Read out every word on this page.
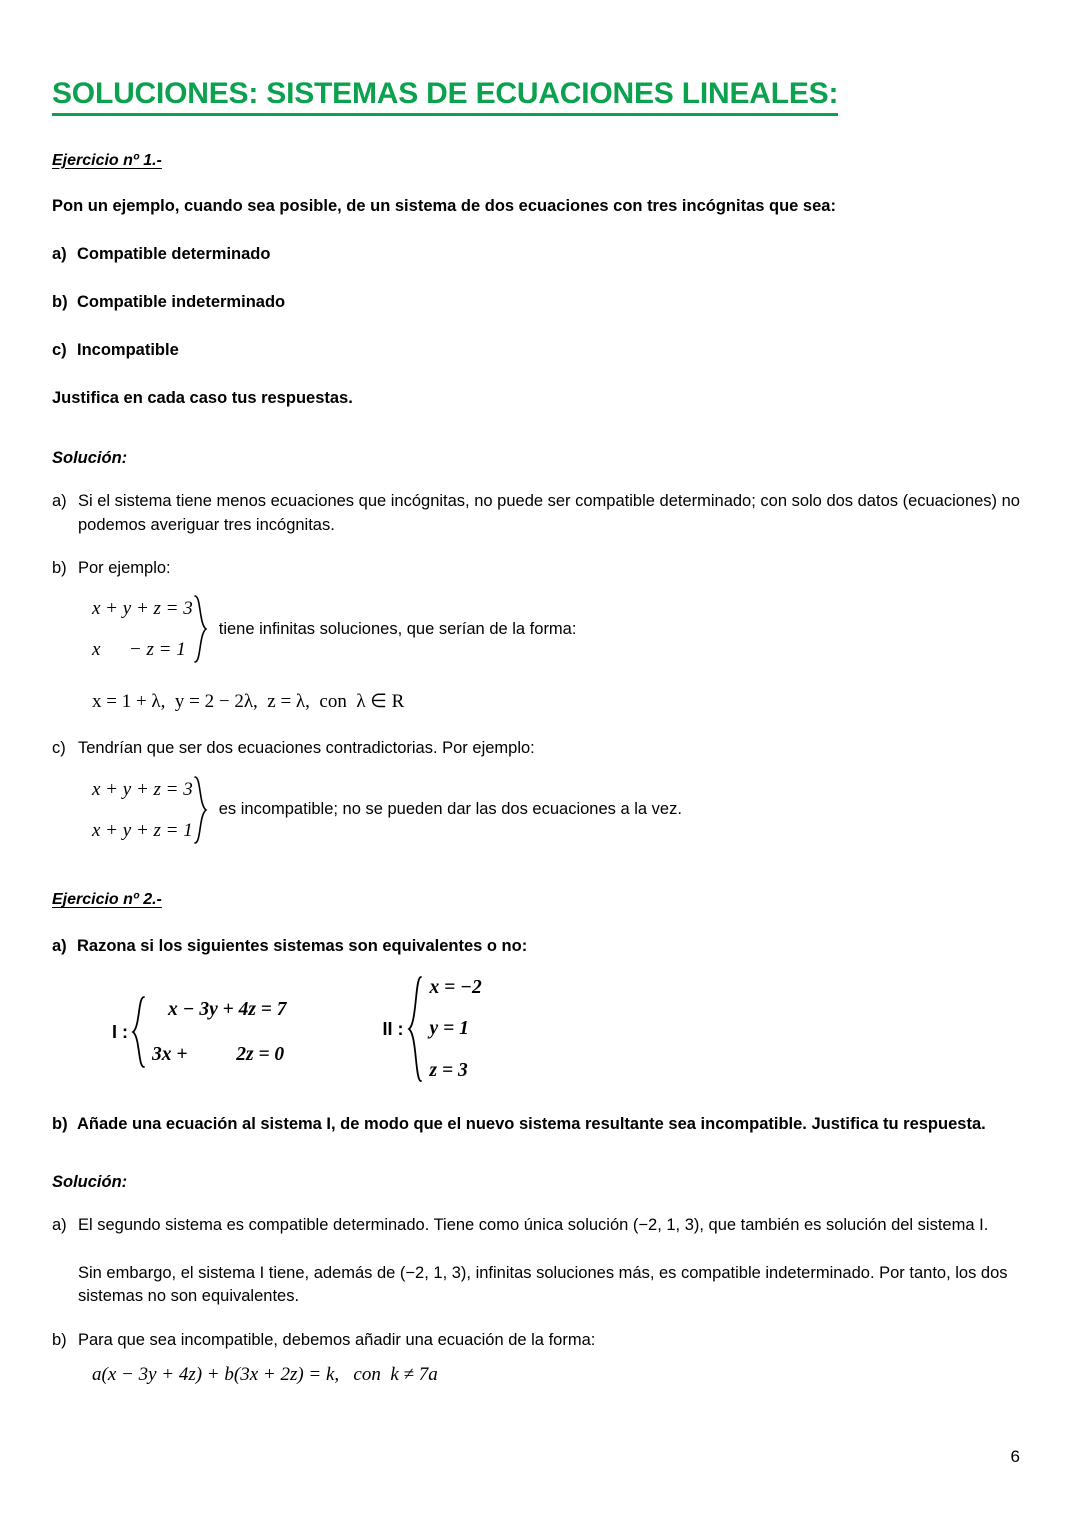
SOLUCIONES: SISTEMAS DE ECUACIONES LINEALES:
Ejercicio nº 1.-

Pon un ejemplo, cuando sea posible, de un sistema de dos ecuaciones con tres incógnitas que sea:

a) Compatible determinado
b) Compatible indeterminado
c) Incompatible

Justifica en cada caso tus respuestas.

Solución:
a) Si el sistema tiene menos ecuaciones que incógnitas, no puede ser compatible determinado; con solo dos datos (ecuaciones) no podemos averiguar tres incógnitas.
b) Por ejemplo:
x + y + z = 3
x      − z = 1
tiene infinitas soluciones, que serían de la forma:
x = 1 + λ,  y = 2 − 2λ,  z = λ,  con  λ ∈ R
c) Tendrían que ser dos ecuaciones contradictorias. Por ejemplo:
x + y + z = 3
x + y + z = 1
es incompatible; no se pueden dar las dos ecuaciones a la vez.
Ejercicio nº 2.-
a) Razona si los siguientes sistemas son equivalentes o no:
I :
x − 3y + 4z = 7
3x +          2z = 0
II :
x = −2
y = 1
z = 3
b) Añade una ecuación al sistema I, de modo que el nuevo sistema resultante sea incompatible. Justifica tu respuesta.
Solución:
a) El segundo sistema es compatible determinado. Tiene como única solución (−2, 1, 3), que también es solución del sistema I.
Sin embargo, el sistema I tiene, además de (−2, 1, 3), infinitas soluciones más, es compatible indeterminado. Por tanto, los dos sistemas no son equivalentes.
b) Para que sea incompatible, debemos añadir una ecuación de la forma:
a(x − 3y + 4z) + b(3x + 2z) = k,   con  k ≠ 7a
6
